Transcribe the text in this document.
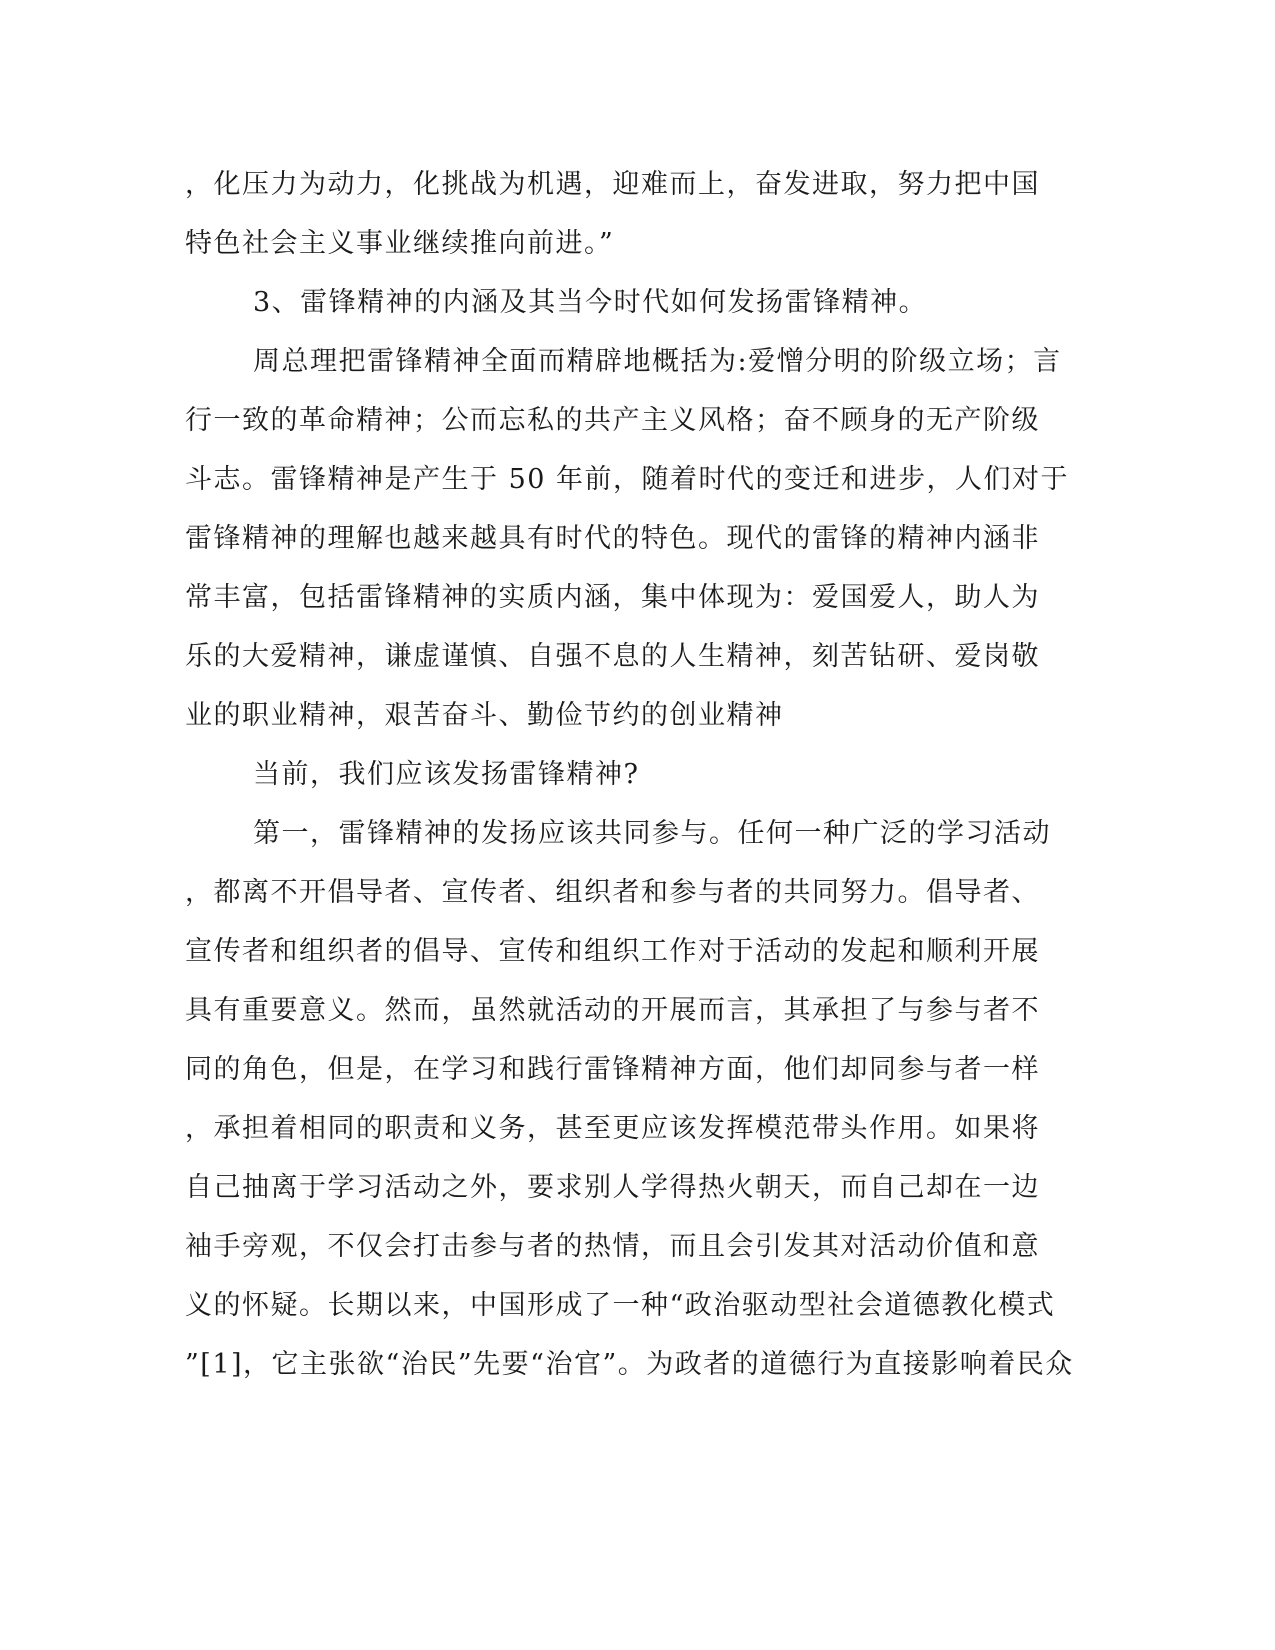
，化压力为动力，化挑战为机遇，迎难而上，奋发进取，努力把中国
特色社会主义事业继续推向前进。”
3、雷锋精神的内涵及其当今时代如何发扬雷锋精神。
周总理把雷锋精神全面而精辟地概括为:爱憎分明的阶级立场；言
行一致的革命精神；公而忘私的共产主义风格；奋不顾身的无产阶级
斗志。雷锋精神是产生于 50 年前，随着时代的变迁和进步，人们对于
雷锋精神的理解也越来越具有时代的特色。现代的雷锋的精神内涵非
常丰富，包括雷锋精神的实质内涵，集中体现为：爱国爱人，助人为
乐的大爱精神，谦虚谨慎、自强不息的人生精神，刻苦钻研、爱岗敬
业的职业精神，艰苦奋斗、勤俭节约的创业精神
当前，我们应该发扬雷锋精神?
第一，雷锋精神的发扬应该共同参与。任何一种广泛的学习活动
，都离不开倡导者、宣传者、组织者和参与者的共同努力。倡导者、
宣传者和组织者的倡导、宣传和组织工作对于活动的发起和顺利开展
具有重要意义。然而，虽然就活动的开展而言，其承担了与参与者不
同的角色，但是，在学习和践行雷锋精神方面，他们却同参与者一样
，承担着相同的职责和义务，甚至更应该发挥模范带头作用。如果将
自己抽离于学习活动之外，要求别人学得热火朝天，而自己却在一边
袖手旁观，不仅会打击参与者的热情，而且会引发其对活动价值和意
义的怀疑。长期以来，中国形成了一种“政治驱动型社会道德教化模式
”[1]，它主张欲“治民”先要“治官”。为政者的道德行为直接影响着民众
